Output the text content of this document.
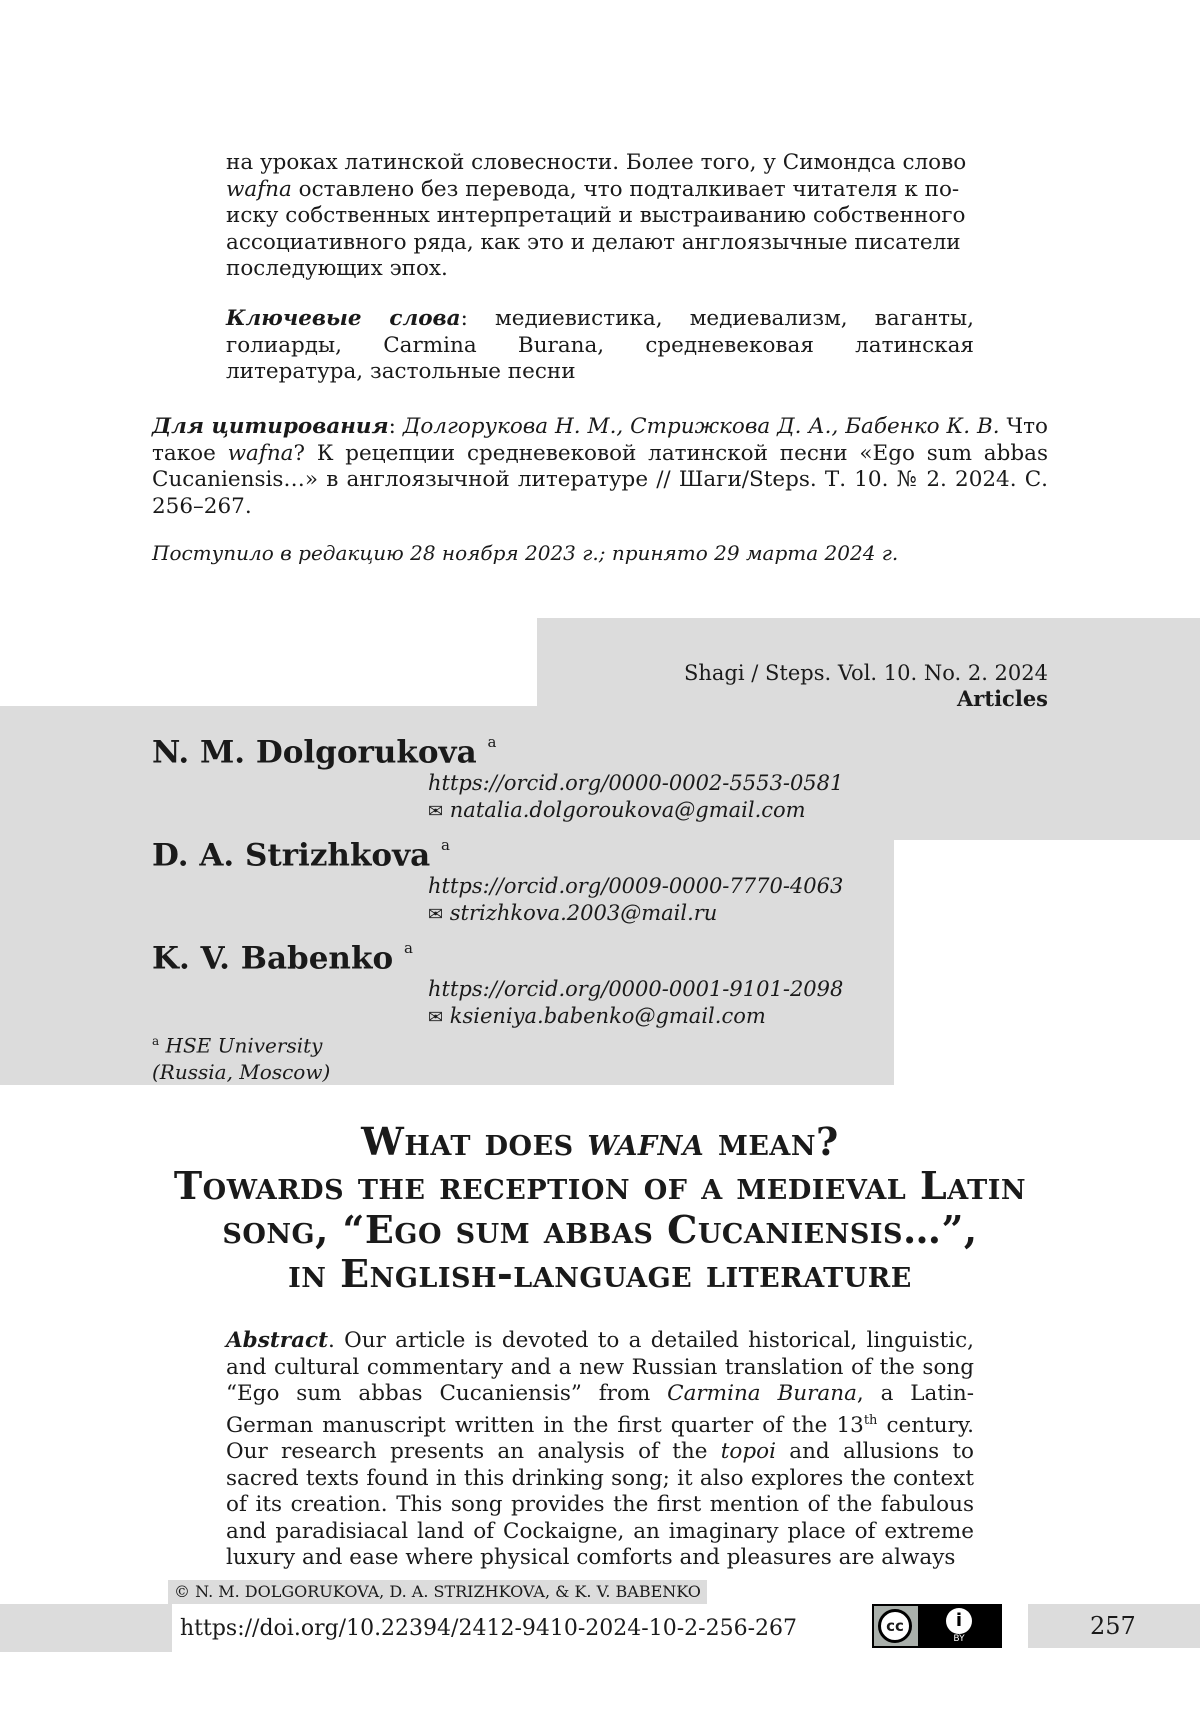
на уроках латинской словесности. Более того, у Симондса слово
wafna оставлено без перевода, что подталкивает читателя к по-
иску собственных интерпретаций и выстраиванию собственного
ассоциативного ряда, как это и делают англоязычные писатели
последующих эпох.

Ключевые слова: медиевистика, медиевализм, ваганты, голиарды, Carmina Burana, средневековая латинская литература, застольные песни

Для цитирования: Долгорукова Н. М., Стрижкова Д. А., Бабенко К. В. Что такое wafna? К рецепции средневековой латинской песни «Ego sum abbas Cucaniensis…» в англоязычной литературе // Шаги/Steps. Т. 10. № 2. 2024. С. 256–267.

Поступило в редакцию 28 ноября 2023 г.; принято 29 марта 2024 г.
Shagi / Steps. Vol. 10. No. 2. 2024
Articles
N. M. Dolgorukova $^a$
https://orcid.org/0000-0002-5553-0581
✉ natalia.dolgoroukova@gmail.com
D. A. Strizhkova $^a$
https://orcid.org/0009-0000-7770-4063
✉ strizhkova.2003@mail.ru
K. V. Babenko $^a$
https://orcid.org/0000-0001-9101-2098
✉ ksieniya.babenko@gmail.com
$^a$ HSE University
(Russia, Moscow)
What does wafna mean?
Towards the reception of a medieval Latin
song, “Ego sum abbas Cucaniensis…”,
in English-language literature

Abstract. Our article is devoted to a detailed historical, linguistic, and cultural commentary and a new Russian translation of the song “Ego sum abbas Cucaniensis” from Carmina Burana, a Latin-German manuscript written in the first quarter of the 13th century. Our research presents an analysis of the topoi and allusions to sacred texts found in this drinking song; it also explores the context of its creation. This song provides the first mention of the fabulous and paradisiacal land of Cockaigne, an imaginary place of extreme luxury and ease where physical comforts and pleasures are always

© N. M. DOLGORUKOVA, D. A. STRIZHKOVA, & K. V. BABENKO
https://doi.org/10.22394/2412-9410-2024-10-2-256-267	cc	i
BY	257
